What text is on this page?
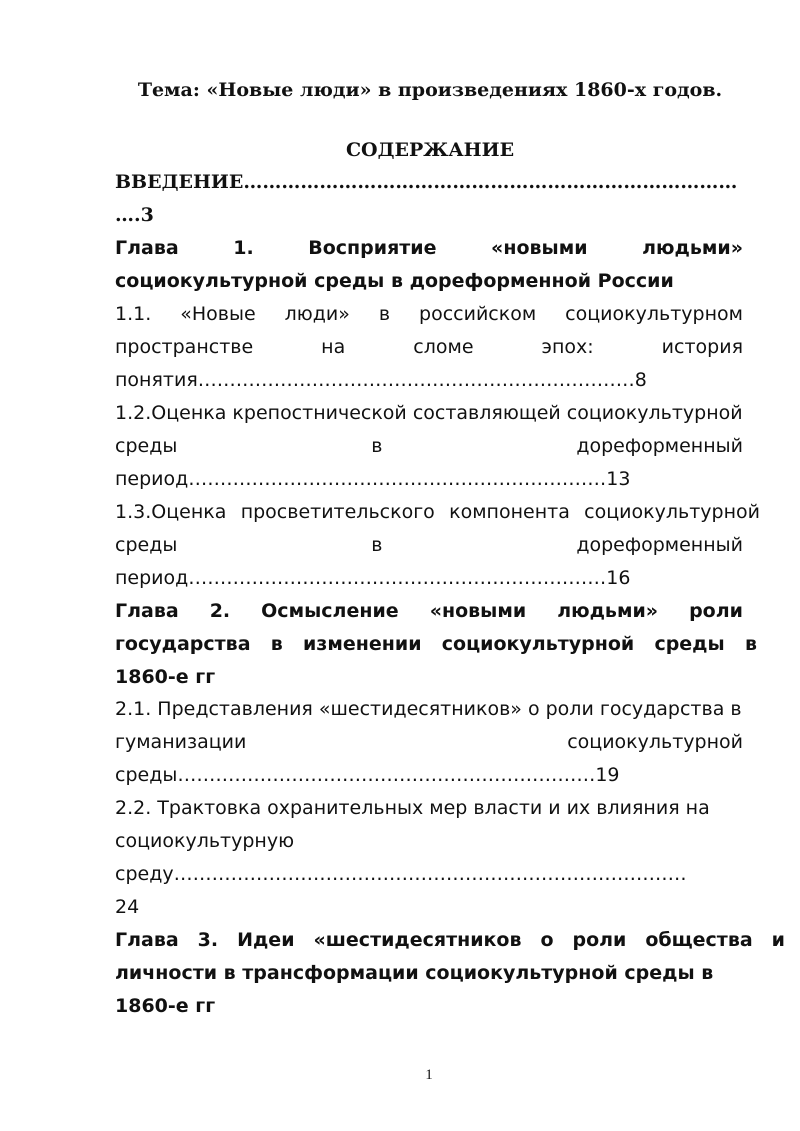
Тема: «Новые люди» в произведениях 1860-х годов.
СОДЕРЖАНИЕ
ВВЕДЕНИЕ……………………………………………………………………
….3
Глава	1.	Восприятие	«новыми	людьми»
социокультурной среды в дореформенной России
1.1. «Новые люди» в российском социокультурном
пространстве	на	сломе	эпох:	история
понятия……………………………………………………………8
1.2.Оценка крепостнической составляющей социокультурной
среды	в	дореформенный
период…………………………………………………………13
1.3.Оценка просветительского компонента социокультурной
среды	в	дореформенный
период…………………………………………………………16
Глава 2. Осмысление «новыми людьми» роли
государства в изменении социокультурной среды в
1860-е гг
2.1. Представления «шестидесятников» о роли государства в
гуманизации	социокультурной
среды…………………………………………………………19
2.2. Трактовка охранительных мер власти и их влияния на
социокультурную
среду………………………………………………………………………
24
Глава 3. Идеи «шестидесятников о роли общества и
личности в трансформации социокультурной среды в
1860-е гг
1
